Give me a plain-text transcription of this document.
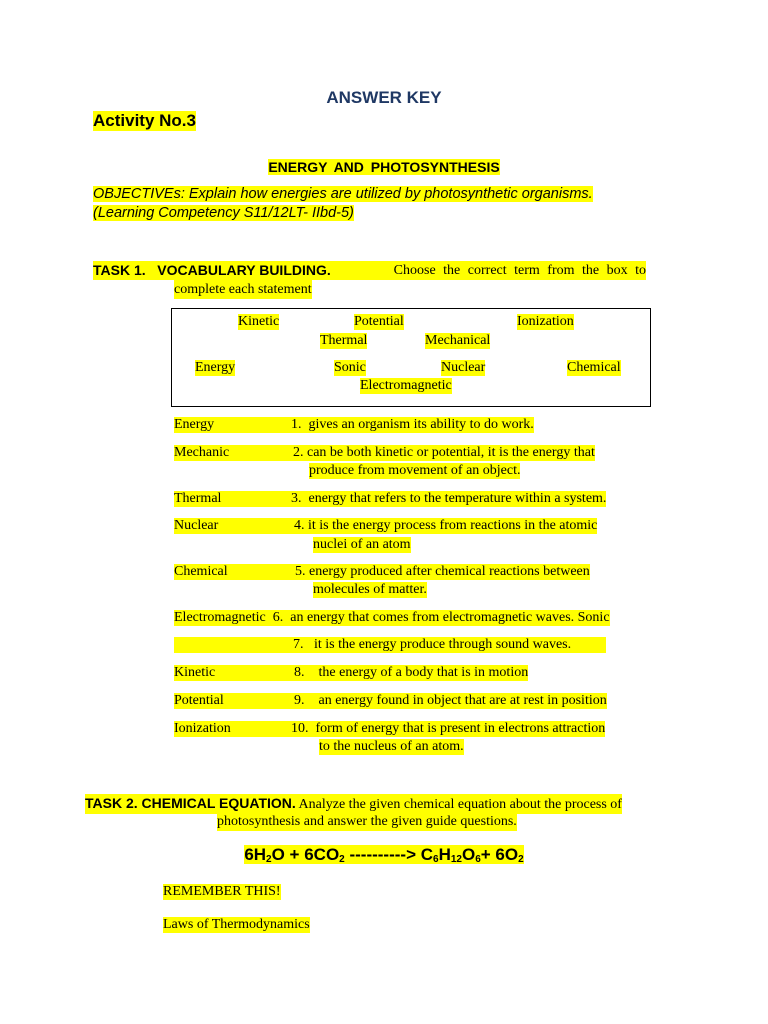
ANSWER KEY
Activity No.3
ENERGY AND PHOTOSYNTHESIS
OBJECTIVEs: Explain how energies are utilized by photosynthetic organisms.
(Learning Competency S11/12LT- IIbd-5)
TASK 1.   VOCABULARY BUILDING.	Choose the correct term from the box to
complete each statement
Kinetic	Potential	Ionization
Thermal	Mechanical
Energy	Sonic	Nuclear	Chemical
Electromagnetic
Energy	1. gives an organism its ability to do work.
Mechanic	2. can be both kinetic or potential, it is the energy that
produce from movement of an object.
Thermal	3. energy that refers to the temperature within a system.
Nuclear	4. it is the energy process from reactions in the atomic
nuclei of an atom
Chemical	5. energy produced after chemical reactions between
molecules of matter.
Electromagnetic 6. an energy that comes from electromagnetic waves. Sonic
7. it is the energy produce through sound waves.
Kinetic	8. the energy of a body that is in motion
Potential	9. an energy found in object that are at rest in position
Ionization	10. form of energy that is present in electrons attraction
to the nucleus of an atom.
TASK 2. CHEMICAL EQUATION. Analyze the given chemical equation about the process of
photosynthesis and answer the given guide questions.
$6H_2O + 6CO_2$ ----------> $C_6H_{12}O_6+ 6O_2$
REMEMBER THIS!
Laws of Thermodynamics
